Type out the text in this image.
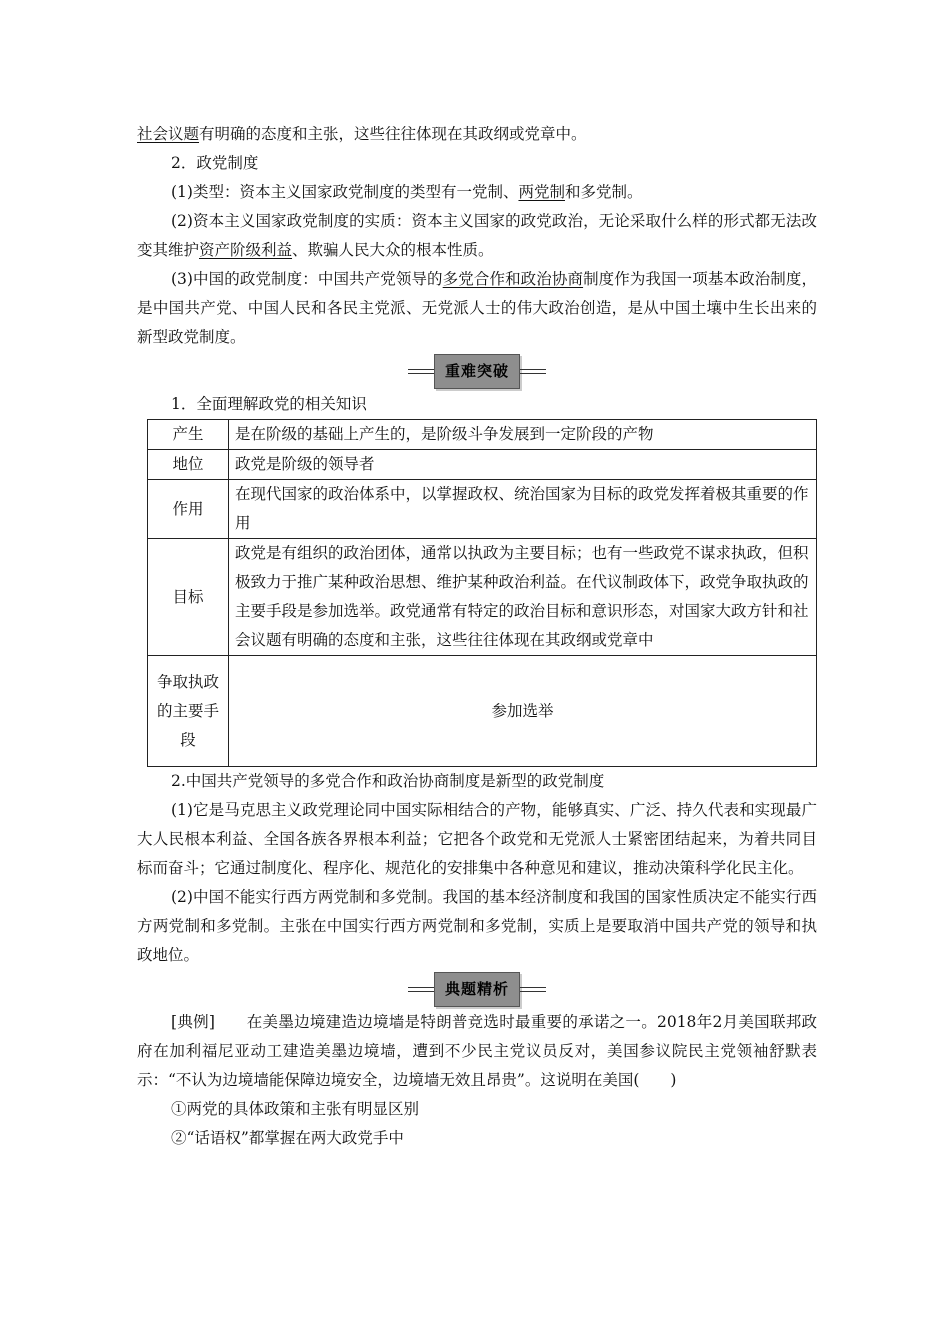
社会议题有明确的态度和主张，这些往往体现在其政纲或党章中。

2．政党制度

(1)类型：资本主义国家政党制度的类型有一党制、两党制和多党制。

(2)资本主义国家政党制度的实质：资本主义国家的政党政治，无论采取什么样的形式都无法改变其维护资产阶级利益、欺骗人民大众的根本性质。

(3)中国的政党制度：中国共产党领导的多党合作和政治协商制度作为我国一项基本政治制度，是中国共产党、中国人民和各民主党派、无党派人士的伟大政治创造，是从中国土壤中生长出来的新型政党制度。

重难突破

1．全面理解政党的相关知识

产生	是在阶级的基础上产生的，是阶级斗争发展到一定阶段的产物
地位	政党是阶级的领导者
作用	在现代国家的政治体系中，以掌握政权、统治国家为目标的政党发挥着极其重要的作用
目标	政党是有组织的政治团体，通常以执政为主要目标；也有一些政党不谋求执政，但积极致力于推广某种政治思想、维护某种政治利益。在代议制政体下，政党争取执政的主要手段是参加选举。政党通常有特定的政治目标和意识形态，对国家大政方针和社会议题有明确的态度和主张，这些往往体现在其政纲或党章中
争取执政的主要手段	参加选举

2.中国共产党领导的多党合作和政治协商制度是新型的政党制度

(1)它是马克思主义政党理论同中国实际相结合的产物，能够真实、广泛、持久代表和实现最广大人民根本利益、全国各族各界根本利益；它把各个政党和无党派人士紧密团结起来，为着共同目标而奋斗；它通过制度化、程序化、规范化的安排集中各种意见和建议，推动决策科学化民主化。

(2)中国不能实行西方两党制和多党制。我国的基本经济制度和我国的国家性质决定不能实行西方两党制和多党制。主张在中国实行西方两党制和多党制，实质上是要取消中国共产党的领导和执政地位。

典题精析

[典例]　　 在美墨边境建造边境墙是特朗普竞选时最重要的承诺之一。2018年2月美国联邦政府在加利福尼亚动工建造美墨边境墙，遭到不少民主党议员反对，美国参议院民主党领袖舒默表示：“不认为边境墙能保障边境安全，边境墙无效且昂贵”。这说明在美国(　　)

①两党的具体政策和主张有明显区别

②“话语权”都掌握在两大政党手中
